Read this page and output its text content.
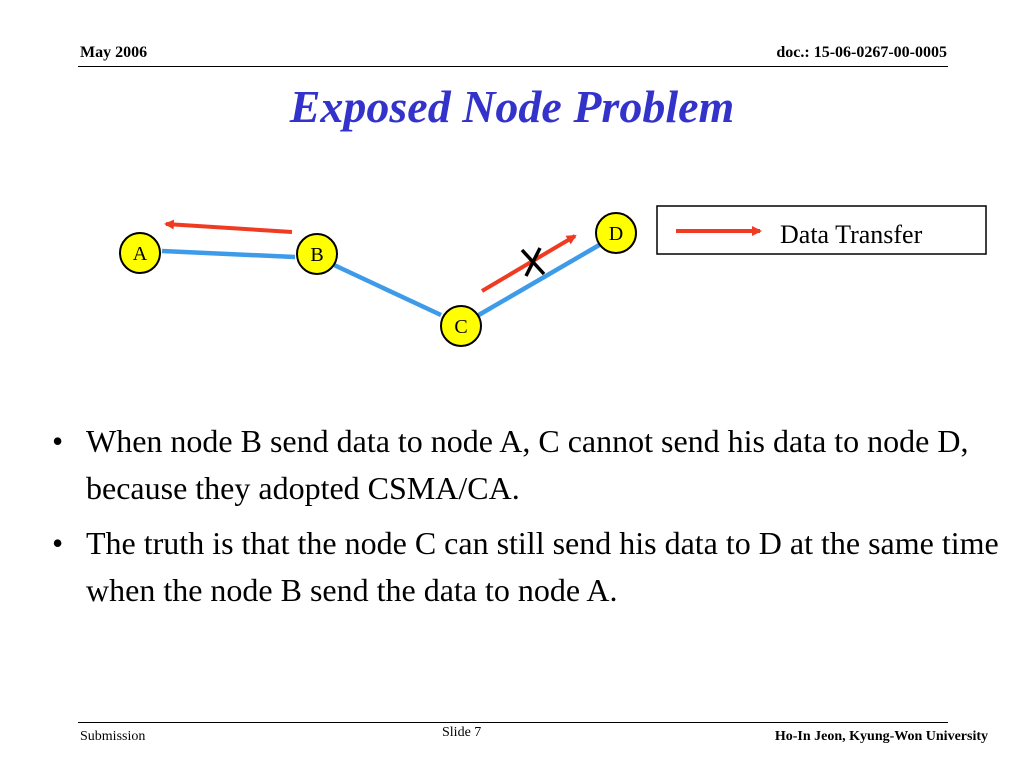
May 2006	doc.: 15-06-0267-00-0005
Exposed Node Problem
A	B
C
D	Data Transfer
• When node B send data to node A, C cannot send his data to node D, because they adopted CSMA/CA.
• The truth is that the node C can still send his data to D at the same time when the node B send the data to node A.
Submission	Slide 7	Ho-In Jeon, Kyung-Won University
